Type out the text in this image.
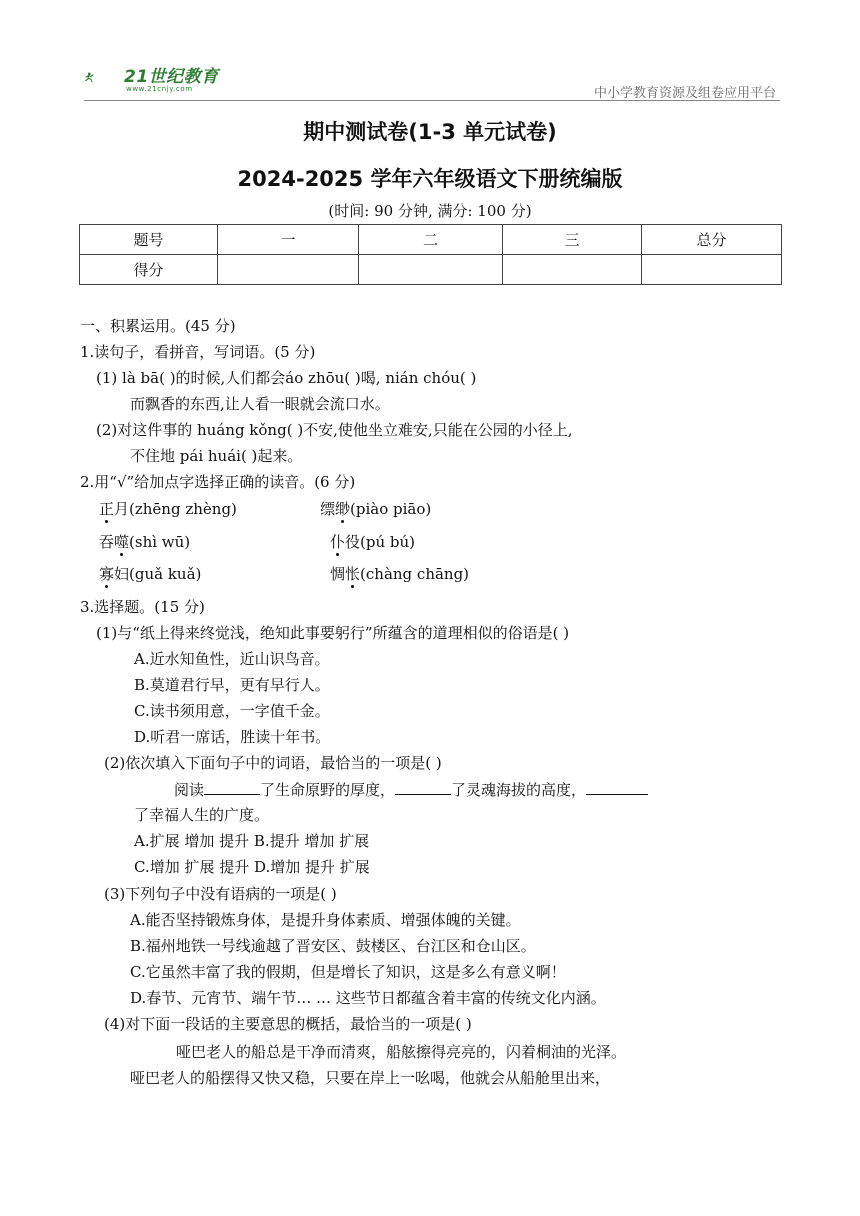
21世纪教育
www.21cnjy.com	中小学教育资源及组卷应用平台
期中测试卷(1-3 单元试卷)
2024-2025 学年六年级语文下册统编版
(时间: 90 分钟, 满分: 100 分)
题号	一	二	三	总分
得分				
一、积累运用。(45 分)
1.读句子，看拼音，写词语。(5 分)
(1) là bā( )的时候,人们都会áo zhōu( )喝, nián chóu( )
而飘香的东西,让人看一眼就会流口水。
(2)对这件事的 huáng kǒng( )不安,使他坐立难安,只能在公园的小径上,
不住地 pái huái( )起来。
2.用“√”给加点字选择正确的读音。(6 分)
正月(zhēng zhèng)	缥缈(piào piāo)
吞噬(shì wū)	仆役(pú bú)
寡妇(guǎ kuǎ)	惆怅(chàng chāng)
3.选择题。(15 分)
(1)与“纸上得来终觉浅，绝知此事要躬行”所蕴含的道理相似的俗语是( )
A.近水知鱼性，近山识鸟音。
B.莫道君行早，更有早行人。
C.读书须用意，一字值千金。
D.听君一席话，胜读十年书。
(2)依次填入下面句子中的词语，最恰当的一项是( )
阅读	了生命原野的厚度，	了灵魂海拔的高度，
了幸福人生的广度。
A.扩展 增加 提升 B.提升 增加 扩展
C.增加 扩展 提升 D.增加 提升 扩展
(3)下列句子中没有语病的一项是( )
A.能否坚持锻炼身体，是提升身体素质、增强体魄的关键。
B.福州地铁一号线逾越了晋安区、鼓楼区、台江区和仓山区。
C.它虽然丰富了我的假期，但是增长了知识，这是多么有意义啊！
D.春节、元宵节、端午节… … 这些节日都蕴含着丰富的传统文化内涵。
(4)对下面一段话的主要意思的概括，最恰当的一项是( )
哑巴老人的船总是干净而清爽，船舷擦得亮亮的，闪着桐油的光泽。
哑巴老人的船摆得又快又稳，只要在岸上一吆喝，他就会从船舱里出来，
